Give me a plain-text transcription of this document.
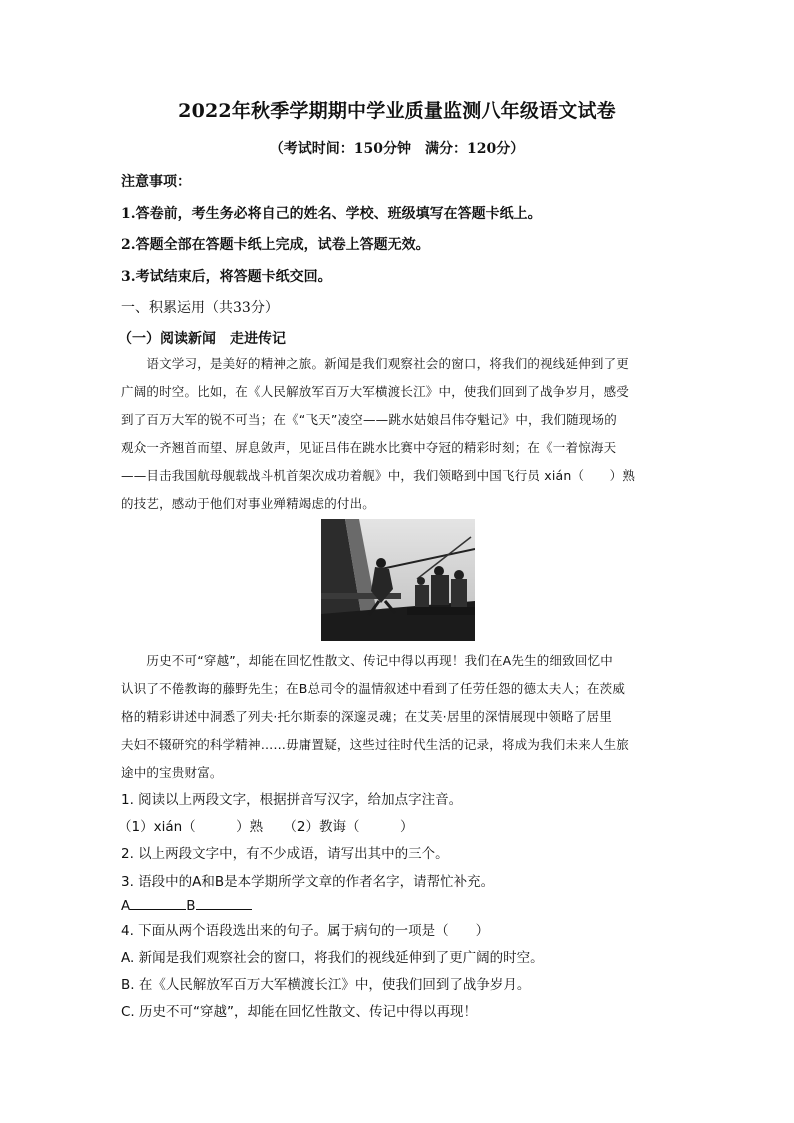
2022年秋季学期期中学业质量监测八年级语文试卷
（考试时间：150分钟　满分：120分）
注意事项：
1.答卷前，考生务必将自己的姓名、学校、班级填写在答题卡纸上。
2.答题全部在答题卡纸上完成，试卷上答题无效。
3.考试结束后，将答题卡纸交回。
一、积累运用（共33分）
（一）阅读新闻　走进传记
　　语文学习，是美好的精神之旅。新闻是我们观察社会的窗口，将我们的视线延伸到了更
广阔的时空。比如，在《人民解放军百万大军横渡长江》中，使我们回到了战争岁月，感受
到了百万大军的锐不可当；在《“飞天”凌空——跳水姑娘吕伟夺魁记》中，我们随现场的
观众一齐翘首而望、屏息敛声，见证吕伟在跳水比赛中夺冠的精彩时刻；在《一着惊海天
——目击我国航母舰载战斗机首架次成功着舰》中，我们领略到中国飞行员 xián（　　）熟
的技艺，感动于他们对事业殚精竭虑的付出。
　　历史不可“穿越”，却能在回忆性散文、传记中得以再现！我们在A先生的细致回忆中
认识了不倦教诲的藤野先生；在B总司令的温情叙述中看到了任劳任怨的德太夫人；在茨威
格的精彩讲述中洞悉了列夫·托尔斯泰的深邃灵魂；在艾芙·居里的深情展现中领略了居里
夫妇不辍研究的科学精神……毋庸置疑，这些过往时代生活的记录，将成为我们未来人生旅
途中的宝贵财富。
1. 阅读以上两段文字，根据拼音写汉字，给加点字注音。
（1）xián（　　　）熟　　（2）教诲（　　　）
2. 以上两段文字中，有不少成语，请写出其中的三个。
3. 语段中的A和B是本学期所学文章的作者名字，请帮忙补充。
A	B
4. 下面从两个语段选出来的句子。属于病句的一项是（　　）
A. 新闻是我们观察社会的窗口，将我们的视线延伸到了更广阔的时空。
B. 在《人民解放军百万大军横渡长江》中，使我们回到了战争岁月。
C. 历史不可“穿越”，却能在回忆性散文、传记中得以再现！
